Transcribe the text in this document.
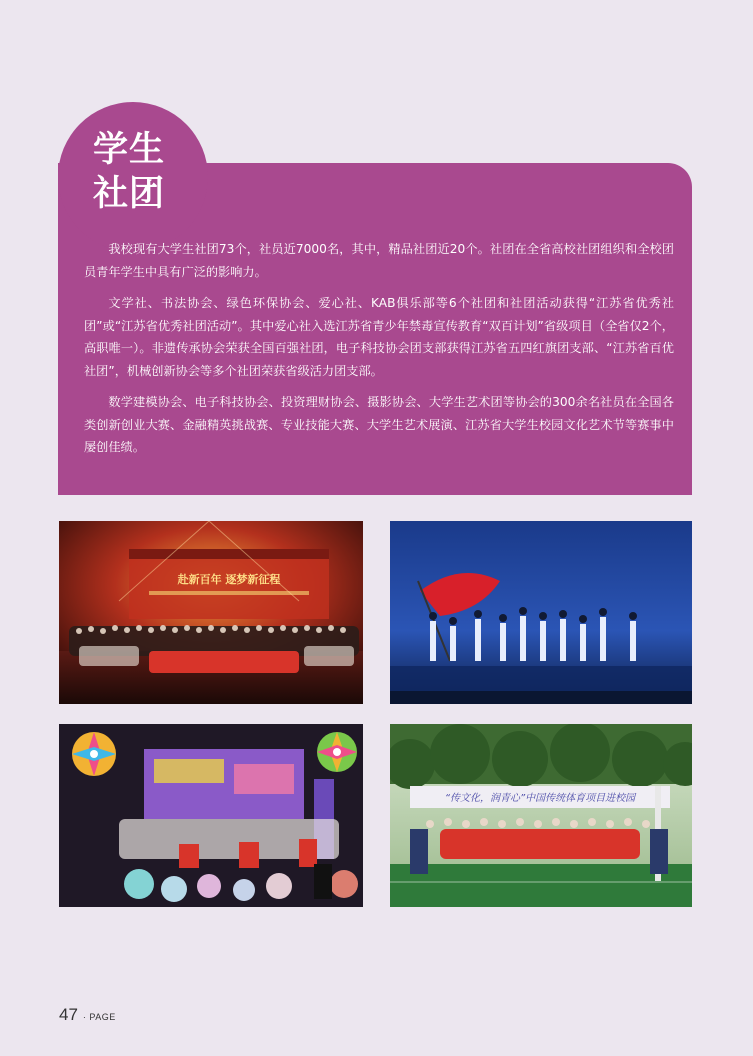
学生
社团

我校现有大学生社团73个，社员近7000名，其中，精品社团近20个。社团在全省高校社团组织和全校团员青年学生中具有广泛的影响力。

文学社、书法协会、绿色环保协会、爱心社、KAB俱乐部等6个社团和社团活动获得“江苏省优秀社团”或“江苏省优秀社团活动”。其中爱心社入选江苏省青少年禁毒宣传教育“双百计划”省级项目（全省仅2个，高职唯一）。非遗传承协会荣获全国百强社团，电子科技协会团支部获得江苏省五四红旗团支部、“江苏省百优社团”，机械创新协会等多个社团荣获省级活力团支部。

数学建模协会、电子科技协会、投资理财协会、摄影协会、大学生艺术团等协会的300余名社员在全国各类创新创业大赛、金融精英挑战赛、专业技能大赛、大学生艺术展演、江苏省大学生校园文化艺术节等赛事中屡创佳绩。

赴新百年 逐梦新征程
“传文化，润青心”中国传统体育项目进校园
47 · PAGE
